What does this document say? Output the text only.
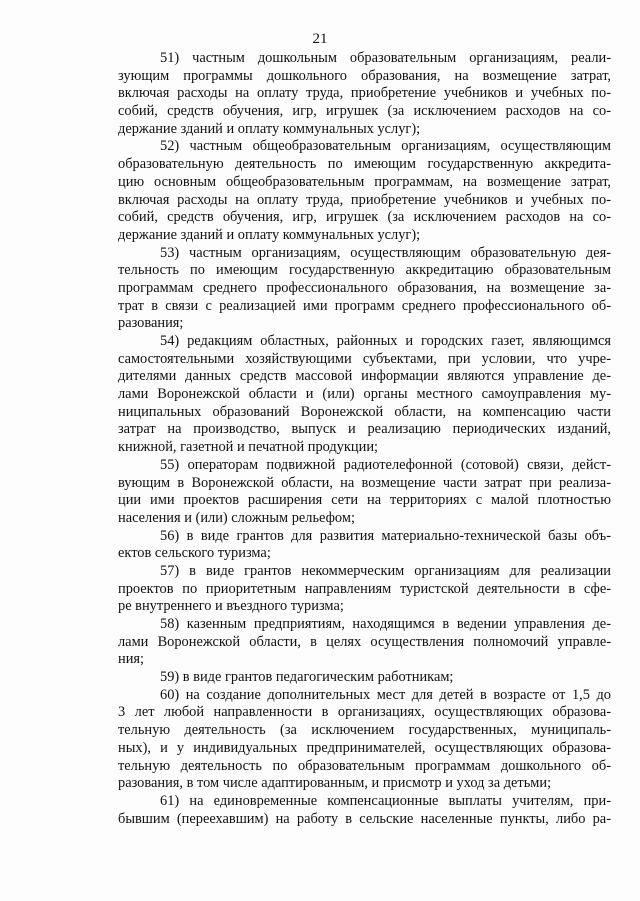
21
51) частным дошкольным образовательным организациям, реали-
зующим программы дошкольного образования, на возмещение затрат,
включая расходы на оплату труда, приобретение учебников и учебных по-
собий, средств обучения, игр, игрушек (за исключением расходов на со-
держание зданий и оплату коммунальных услуг);
52) частным общеобразовательным организациям, осуществляющим
образовательную деятельность по имеющим государственную аккредита-
цию основным общеобразовательным программам, на возмещение затрат,
включая расходы на оплату труда, приобретение учебников и учебных по-
собий, средств обучения, игр, игрушек (за исключением расходов на со-
держание зданий и оплату коммунальных услуг);
53) частным организациям, осуществляющим образовательную дея-
тельность по имеющим государственную аккредитацию образовательным
программам среднего профессионального образования, на возмещение за-
трат в связи с реализацией ими программ среднего профессионального об-
разования;
54) редакциям областных, районных и городских газет, являющимся
самостоятельными хозяйствующими субъектами, при условии, что учре-
дителями данных средств массовой информации являются управление де-
лами Воронежской области и (или) органы местного самоуправления му-
ниципальных образований Воронежской области, на компенсацию части
затрат на производство, выпуск и реализацию периодических изданий,
книжной, газетной и печатной продукции;
55) операторам подвижной радиотелефонной (сотовой) связи, дейст-
вующим в Воронежской области, на возмещение части затрат при реализа-
ции ими проектов расширения сети на территориях с малой плотностью
населения и (или) сложным рельефом;
56) в виде грантов для развития материально-технической базы объ-
ектов сельского туризма;
57) в виде грантов некоммерческим организациям для реализации
проектов по приоритетным направлениям туристской деятельности в сфе-
ре внутреннего и въездного туризма;
58) казенным предприятиям, находящимся в ведении управления де-
лами Воронежской области, в целях осуществления полномочий управле-
ния;
59) в виде грантов педагогическим работникам;
60) на создание дополнительных мест для детей в возрасте от 1,5 до
3 лет любой направленности в организациях, осуществляющих образова-
тельную деятельность (за исключением государственных, муниципаль-
ных), и у индивидуальных предпринимателей, осуществляющих образова-
тельную деятельность по образовательным программам дошкольного об-
разования, в том числе адаптированным, и присмотр и уход за детьми;
61) на единовременные компенсационные выплаты учителям, при-
бывшим (переехавшим) на работу в сельские населенные пункты, либо ра-
